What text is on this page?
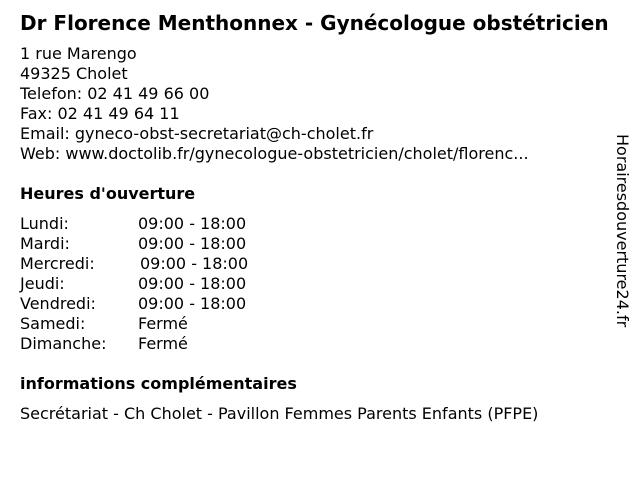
Dr Florence Menthonnex - Gynécologue obstétricien
1 rue Marengo
49325 Cholet
Telefon: 02 41 49 66 00
Fax: 02 41 49 64 11
Email: gyneco-obst-secretariat@ch-cholet.fr
Web: www.doctolib.fr/gynecologue-obstetricien/cholet/florenc...
Heures d'ouverture
Lundi:	09:00 - 18:00
Mardi:	09:00 - 18:00
Mercredi:	09:00 - 18:00
Jeudi:	09:00 - 18:00
Vendredi:	09:00 - 18:00
Samedi:	Fermé
Dimanche: Fermé
informations complémentaires
Secrétariat - Ch Cholet - Pavillon Femmes Parents Enfants (PFPE)
Horairesdouverture24.fr
